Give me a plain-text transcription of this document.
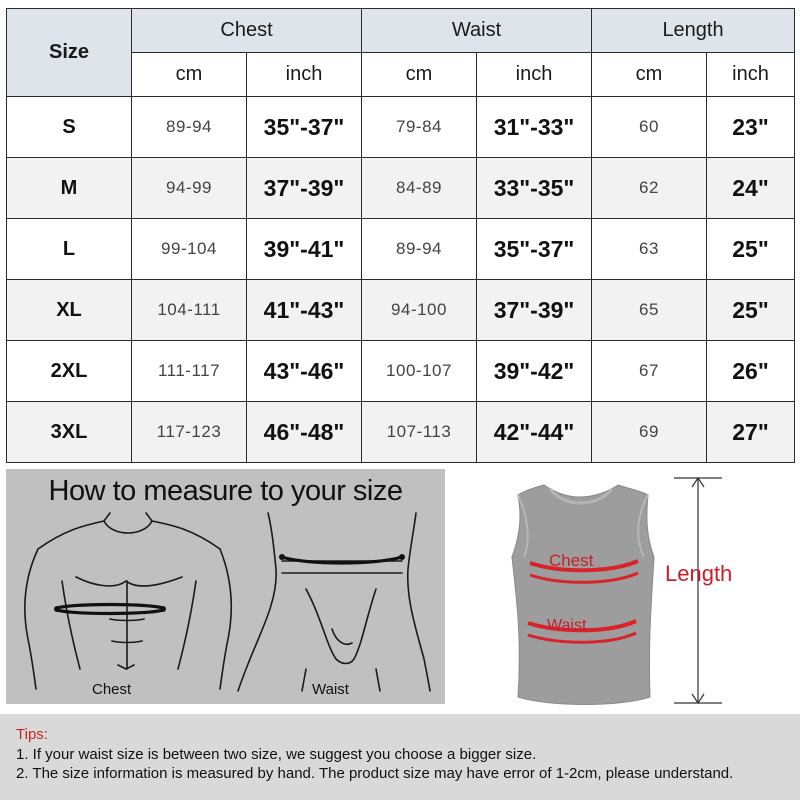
Size	Chest		Waist		Length	
	cm	inch	cm	inch	cm	inch
S	89-94	35"-37"	79-84	31"-33"	60	23"
M	94-99	37"-39"	84-89	33"-35"	62	24"
L	99-104	39"-41"	89-94	35"-37"	63	25"
XL	104-111	41"-43"	94-100	37"-39"	65	25"
2XL	111-117	43"-46"	100-107	39"-42"	67	26"
3XL	117-123	46"-48"	107-113	42"-44"	69	27"
How to measure to your size
Chest	Waist
Chest
Waist
Length
Tips:
1. If your waist size is between two size, we suggest you choose a bigger size.
2. The size information is measured by hand. The product size may have error of 1-2cm, please understand.
